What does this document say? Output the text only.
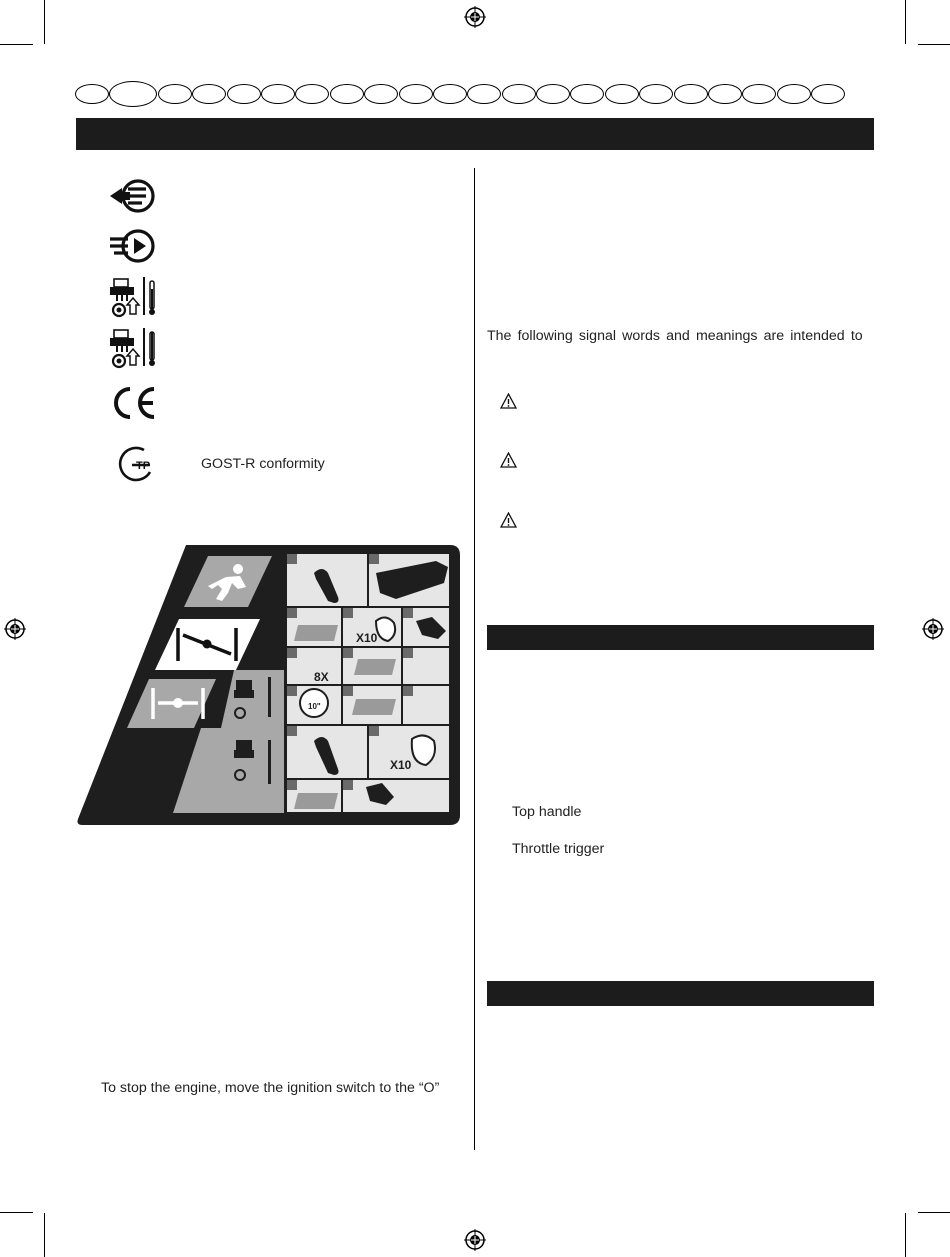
TP	GOST-R conformity
X10
X10
8X
10"
To stop the engine, move the ignition switch to the “O”
The following signal words and meanings are intended to
Top handle
Throttle trigger
